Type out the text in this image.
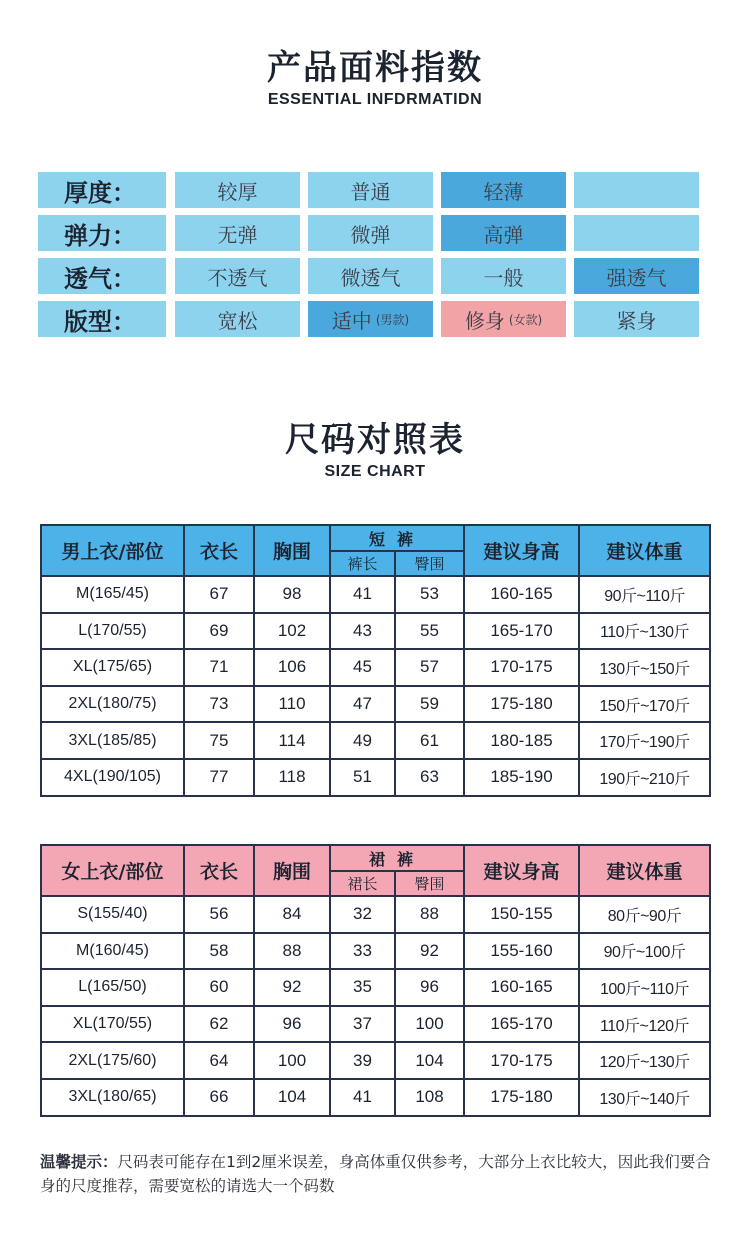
产品面料指数
ESSENTIAL INFDRMATIDN
厚度：	较厚	普通	轻薄
弹力：	无弹	微弹	高弹
透气：	不透气	微透气	一般	强透气
版型：	宽松	适中 (男款)	修身 (女款)	紧身
尺码对照表
SIZE CHART
男上衣/部位	衣长	胸围	短裤		建议身高	建议体重
			裤长	臀围		
M(165/45)	67	98	41	53	160-165	90斤~110斤
L(170/55)	69	102	43	55	165-170	110斤~130斤
XL(175/65)	71	106	45	57	170-175	130斤~150斤
2XL(180/75)	73	110	47	59	175-180	150斤~170斤
3XL(185/85)	75	114	49	61	180-185	170斤~190斤
4XL(190/105)	77	118	51	63	185-190	190斤~210斤
女上衣/部位	衣长	胸围	裙裤		建议身高	建议体重
			裙长	臀围		
S(155/40)	56	84	32	88	150-155	80斤~90斤
M(160/45)	58	88	33	92	155-160	90斤~100斤
L(165/50)	60	92	35	96	160-165	100斤~110斤
XL(170/55)	62	96	37	100	165-170	110斤~120斤
2XL(175/60)	64	100	39	104	170-175	120斤~130斤
3XL(180/65)	66	104	41	108	175-180	130斤~140斤
温馨提示：尺码表可能存在1到2厘米误差，身高体重仅供参考，大部分上衣比较大，因此我们要合身的尺度推荐，需要宽松的请选大一个码数
